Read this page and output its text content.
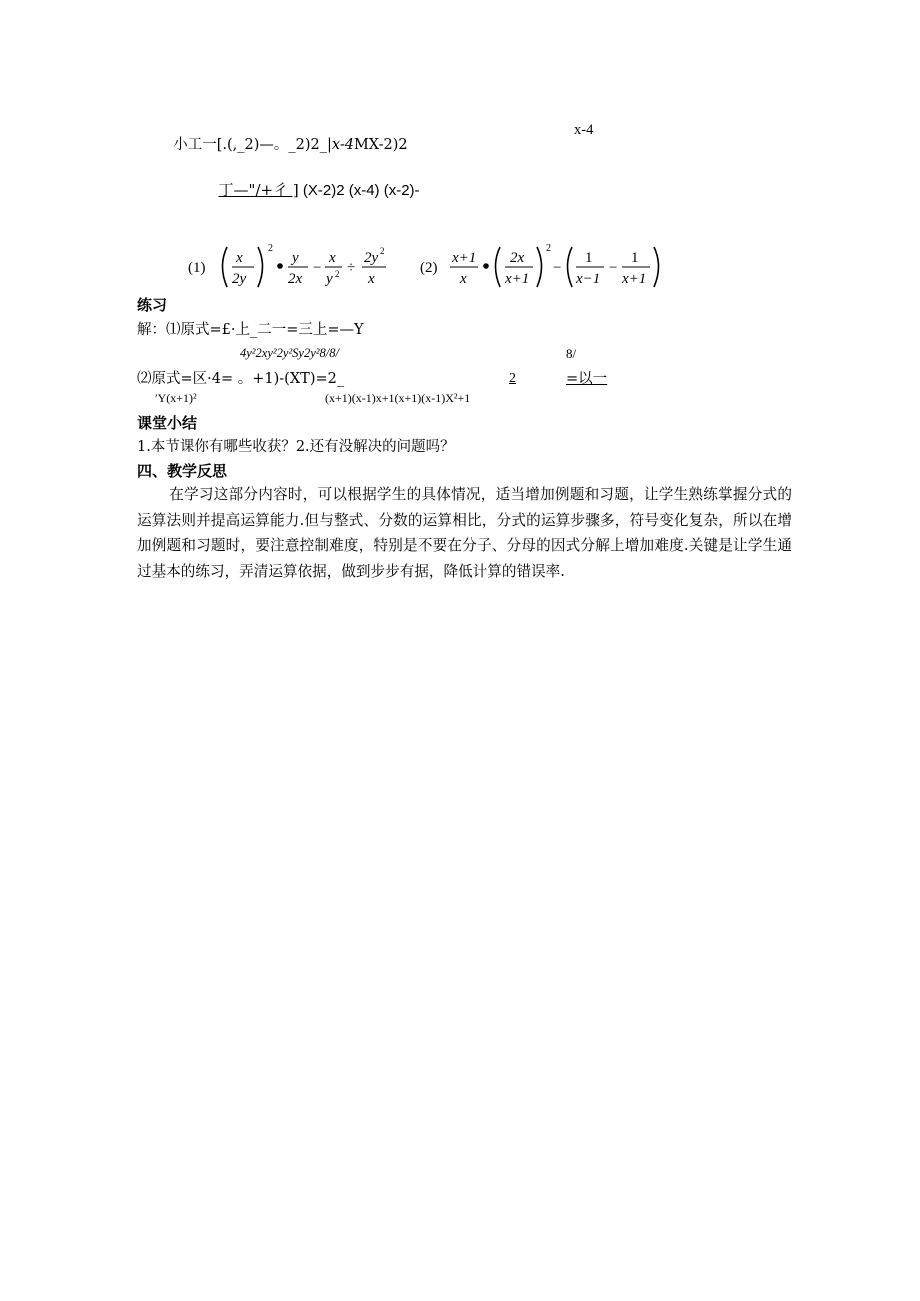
小工一[.(,_2)—。_2)2_|x-4MX-2)2

x-4

丁—"/+彳 ] (X-2)2 (x-4) (x-2)-

(1)
x
2y
2
y
2x
−
x
y 2 ÷
2y 2
x
(2)
x+1
x
2x
x+1
2
−
1
x−1
−
1
x+1
练习
解：⑴原式=£·上_二一=三上=—Y
4y²2xy²2y²Sy2y²8/8/	8/
⑵原式=区·4= 。+1)-(XT)=2_	2	=以一
′Y(x+1)²	(x+1)(x-1)x+1(x+1)(x-1)X²+1
课堂小结
1.本节课你有哪些收获？2.还有没解决的问题吗？
四、教学反思
在学习这部分内容时，可以根据学生的具体情况，适当增加例题和习题，让学生熟练掌握分式的运算法则并提高运算能力.但与整式、分数的运算相比，分式的运算步骤多，符号变化复杂，所以在增加例题和习题时，要注意控制难度，特别是不要在分子、分母的因式分解上增加难度.关键是让学生通过基本的练习，弄清运算依据，做到步步有据，降低计算的错误率.
